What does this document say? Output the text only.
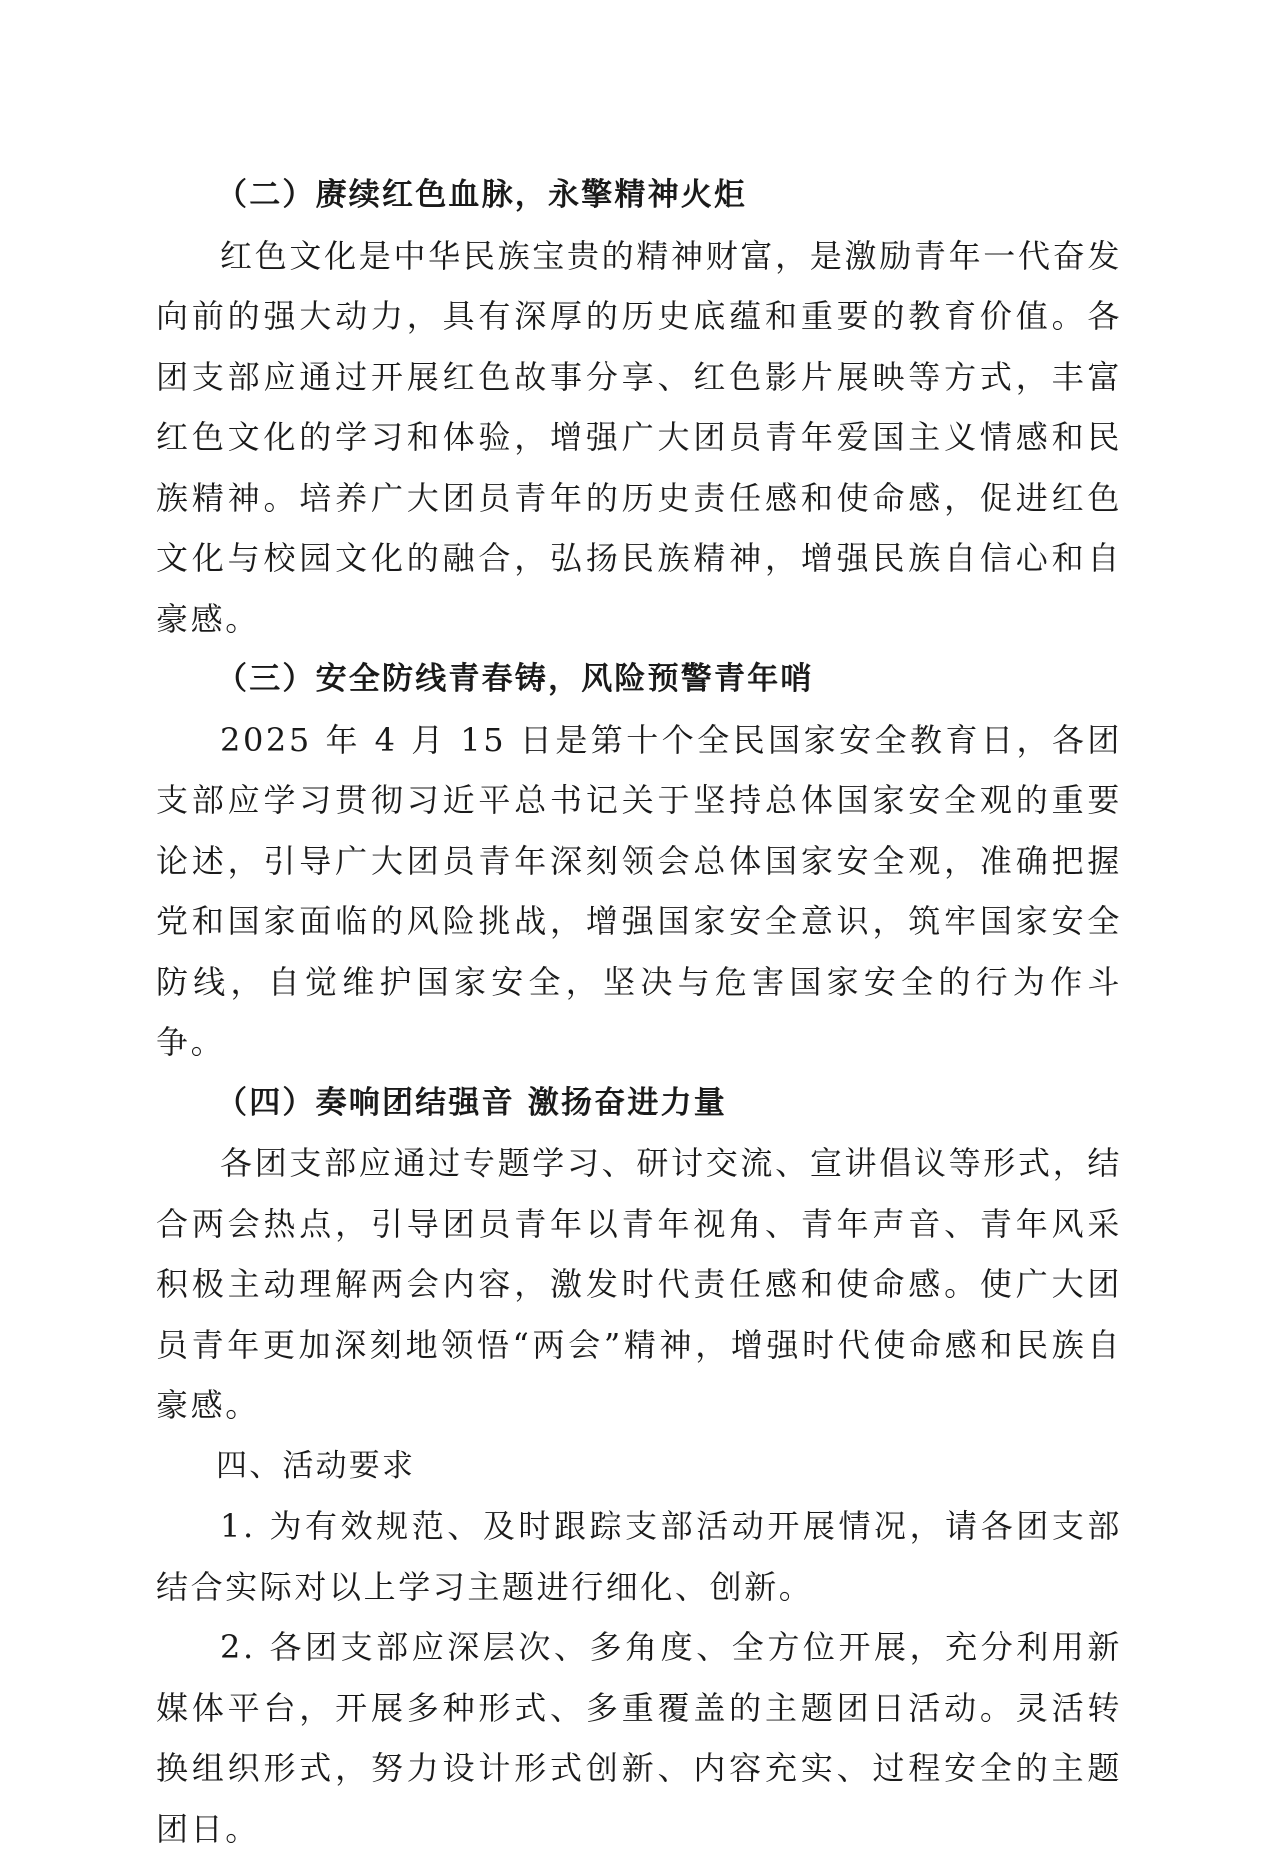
（二）赓续红色血脉，永擎精神火炬

红色文化是中华民族宝贵的精神财富，是激励青年一代奋发向前的强大动力，具有深厚的历史底蕴和重要的教育价值。各团支部应通过开展红色故事分享、红色影片展映等方式，丰富红色文化的学习和体验，增强广大团员青年爱国主义情感和民族精神。培养广大团员青年的历史责任感和使命感，促进红色文化与校园文化的融合，弘扬民族精神，增强民族自信心和自豪感。

（三）安全防线青春铸，风险预警青年哨

2025 年 4 月 15 日是第十个全民国家安全教育日，各团支部应学习贯彻习近平总书记关于坚持总体国家安全观的重要论述，引导广大团员青年深刻领会总体国家安全观，准确把握党和国家面临的风险挑战，增强国家安全意识，筑牢国家安全防线，自觉维护国家安全，坚决与危害国家安全的行为作斗争。

（四）奏响团结强音 激扬奋进力量

各团支部应通过专题学习、研讨交流、宣讲倡议等形式，结合两会热点，引导团员青年以青年视角、青年声音、青年风采积极主动理解两会内容，激发时代责任感和使命感。使广大团员青年更加深刻地领悟“两会”精神，增强时代使命感和民族自豪感。

四、活动要求

1. 为有效规范、及时跟踪支部活动开展情况，请各团支部结合实际对以上学习主题进行细化、创新。

2. 各团支部应深层次、多角度、全方位开展，充分利用新媒体平台，开展多种形式、多重覆盖的主题团日活动。灵活转换组织形式，努力设计形式创新、内容充实、过程安全的主题团日。
